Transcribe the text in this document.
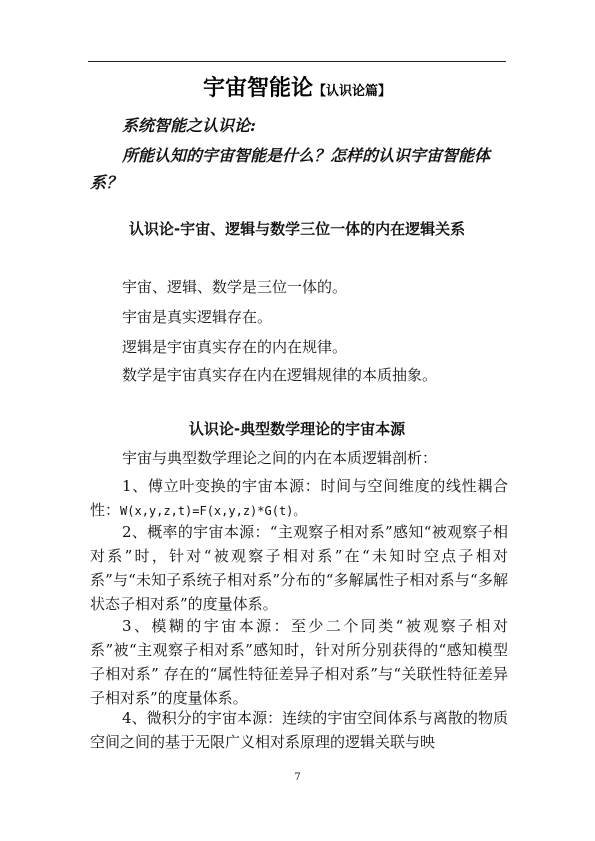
宇宙智能论【认识论篇】
系统智能之认识论:
所能认知的宇宙智能是什么？怎样的认识宇宙智能体系？
认识论-宇宙、逻辑与数学三位一体的内在逻辑关系
宇宙、逻辑、数学是三位一体的。
宇宙是真实逻辑存在。
逻辑是宇宙真实存在的内在规律。
数学是宇宙真实存在内在逻辑规律的本质抽象。
认识论-典型数学理论的宇宙本源
宇宙与典型数学理论之间的内在本质逻辑剖析：
1、傅立叶变换的宇宙本源：时间与空间维度的线性耦合性：W(x,y,z,t)=F(x,y,z)*G(t)。
2、概率的宇宙本源：“主观察子相对系”感知“被观察子相对系”时，针对“被观察子相对系”在“未知时空点子相对系”与“未知子系统子相对系”分布的“多解属性子相对系与“多解状态子相对系”的度量体系。
3、模糊的宇宙本源：至少二个同类“被观察子相对系”被“主观察子相对系”感知时，针对所分别获得的“感知模型子相对系” 存在的“属性特征差异子相对系”与“关联性特征差异子相对系”的度量体系。
4、微积分的宇宙本源：连续的宇宙空间体系与离散的物质空间之间的基于无限广义相对系原理的逻辑关联与映
7
